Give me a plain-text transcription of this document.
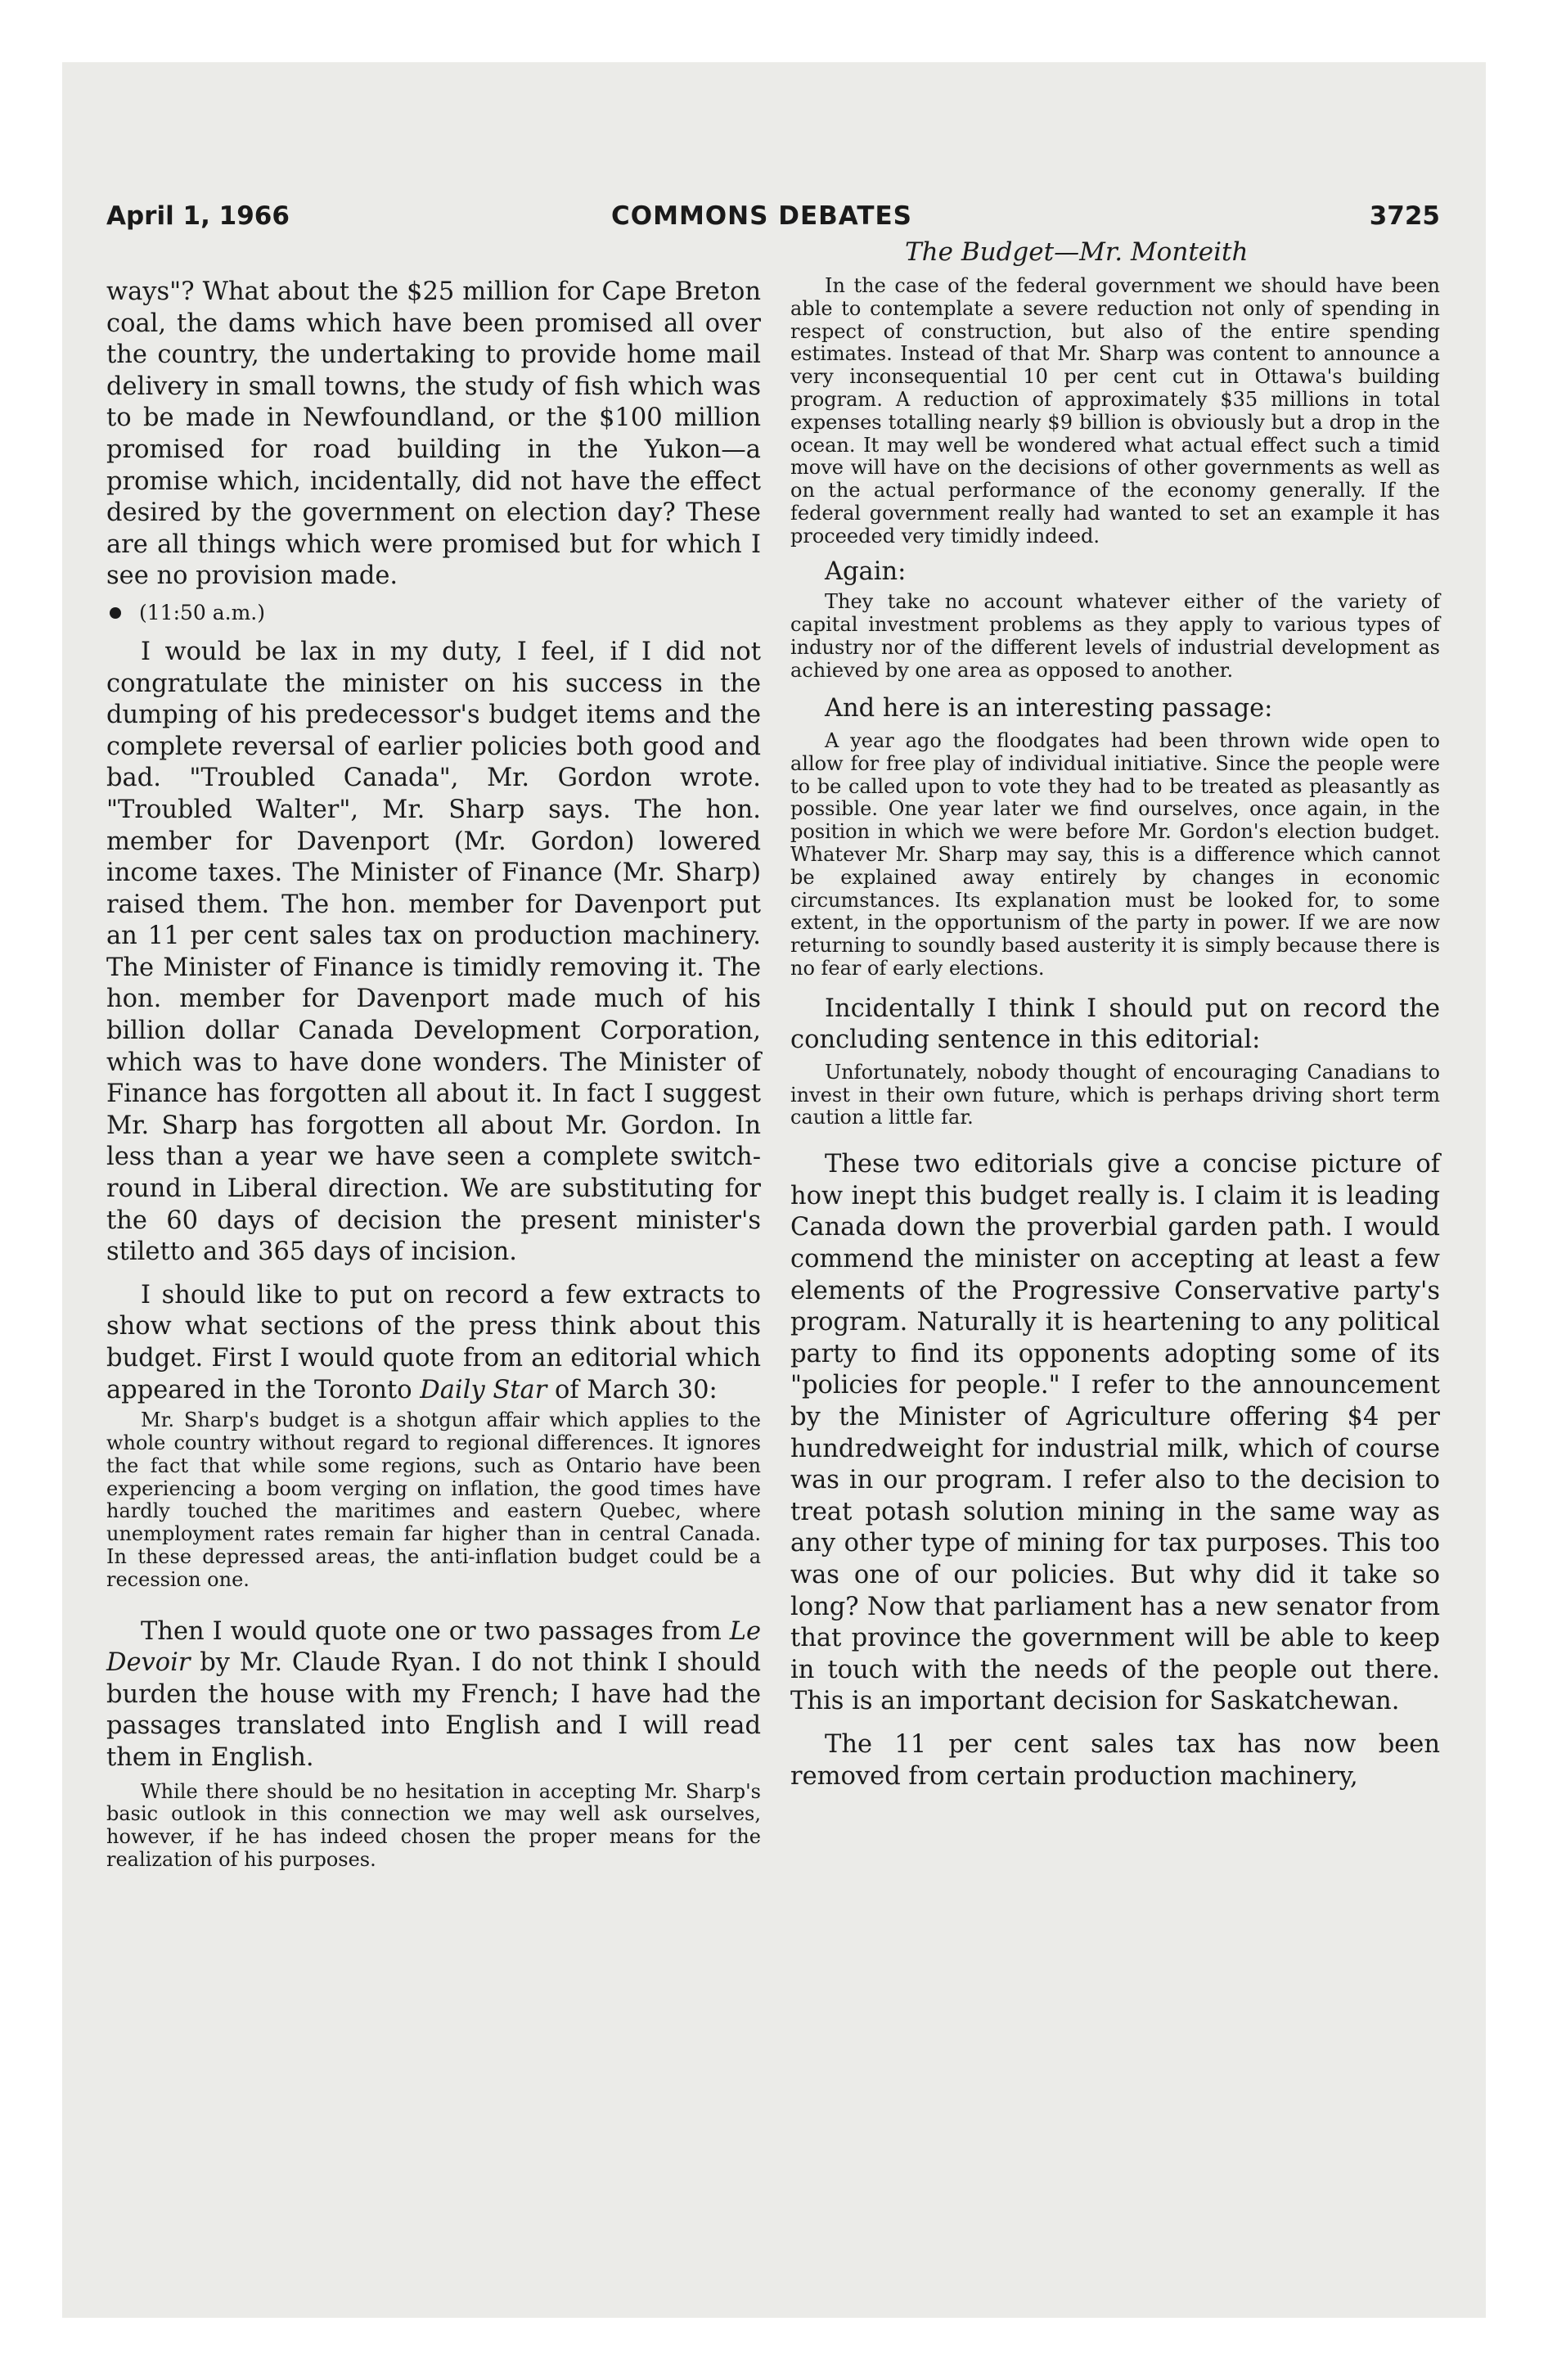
April 1, 1966	COMMONS DEBATES	3725
The Budget—Mr. Monteith

ways"? What about the $25 million for Cape Breton coal, the dams which have been promised all over the country, the undertaking to provide home mail delivery in small towns, the study of fish which was to be made in Newfoundland, or the $100 million promised for road building in the Yukon—a promise which, incidentally, did not have the effect desired by the government on election day? These are all things which were promised but for which I see no provision made.

(11:50 a.m.)

I would be lax in my duty, I feel, if I did not congratulate the minister on his success in the dumping of his predecessor's budget items and the complete reversal of earlier policies both good and bad. "Troubled Canada", Mr. Gordon wrote. "Troubled Walter", Mr. Sharp says. The hon. member for Davenport (Mr. Gordon) lowered income taxes. The Minister of Finance (Mr. Sharp) raised them. The hon. member for Davenport put an 11 per cent sales tax on production machinery. The Minister of Finance is timidly removing it. The hon. member for Davenport made much of his billion dollar Canada Development Corporation, which was to have done wonders. The Minister of Finance has forgotten all about it. In fact I suggest Mr. Sharp has forgotten all about Mr. Gordon. In less than a year we have seen a complete switch-round in Liberal direction. We are substituting for the 60 days of decision the present minister's stiletto and 365 days of incision.

I should like to put on record a few extracts to show what sections of the press think about this budget. First I would quote from an editorial which appeared in the Toronto Daily Star of March 30:

Mr. Sharp's budget is a shotgun affair which applies to the whole country without regard to regional differences. It ignores the fact that while some regions, such as Ontario have been experiencing a boom verging on inflation, the good times have hardly touched the maritimes and eastern Quebec, where unemployment rates remain far higher than in central Canada. In these depressed areas, the anti-inflation budget could be a recession one.

Then I would quote one or two passages from Le Devoir by Mr. Claude Ryan. I do not think I should burden the house with my French; I have had the passages translated into English and I will read them in English.

While there should be no hesitation in accepting Mr. Sharp's basic outlook in this connection we may well ask ourselves, however, if he has indeed chosen the proper means for the realization of his purposes.

In the case of the federal government we should have been able to contemplate a severe reduction not only of spending in respect of construction, but also of the entire spending estimates. Instead of that Mr. Sharp was content to announce a very inconsequential 10 per cent cut in Ottawa's building program. A reduction of approximately $35 millions in total expenses totalling nearly $9 billion is obviously but a drop in the ocean. It may well be wondered what actual effect such a timid move will have on the decisions of other governments as well as on the actual performance of the economy generally. If the federal government really had wanted to set an example it has proceeded very timidly indeed.

Again:

They take no account whatever either of the variety of capital investment problems as they apply to various types of industry nor of the different levels of industrial development as achieved by one area as opposed to another.

And here is an interesting passage:

A year ago the floodgates had been thrown wide open to allow for free play of individual initiative. Since the people were to be called upon to vote they had to be treated as pleasantly as possible. One year later we find ourselves, once again, in the position in which we were before Mr. Gordon's election budget. Whatever Mr. Sharp may say, this is a difference which cannot be explained away entirely by changes in economic circumstances. Its explanation must be looked for, to some extent, in the opportunism of the party in power. If we are now returning to soundly based austerity it is simply because there is no fear of early elections.

Incidentally I think I should put on record the concluding sentence in this editorial:

Unfortunately, nobody thought of encouraging Canadians to invest in their own future, which is perhaps driving short term caution a little far.

These two editorials give a concise picture of how inept this budget really is. I claim it is leading Canada down the proverbial garden path. I would commend the minister on accepting at least a few elements of the Progressive Conservative party's program. Naturally it is heartening to any political party to find its opponents adopting some of its "policies for people." I refer to the announcement by the Minister of Agriculture offering $4 per hundredweight for industrial milk, which of course was in our program. I refer also to the decision to treat potash solution mining in the same way as any other type of mining for tax purposes. This too was one of our policies. But why did it take so long? Now that parliament has a new senator from that province the government will be able to keep in touch with the needs of the people out there. This is an important decision for Saskatchewan.

The 11 per cent sales tax has now been removed from certain production machinery,
